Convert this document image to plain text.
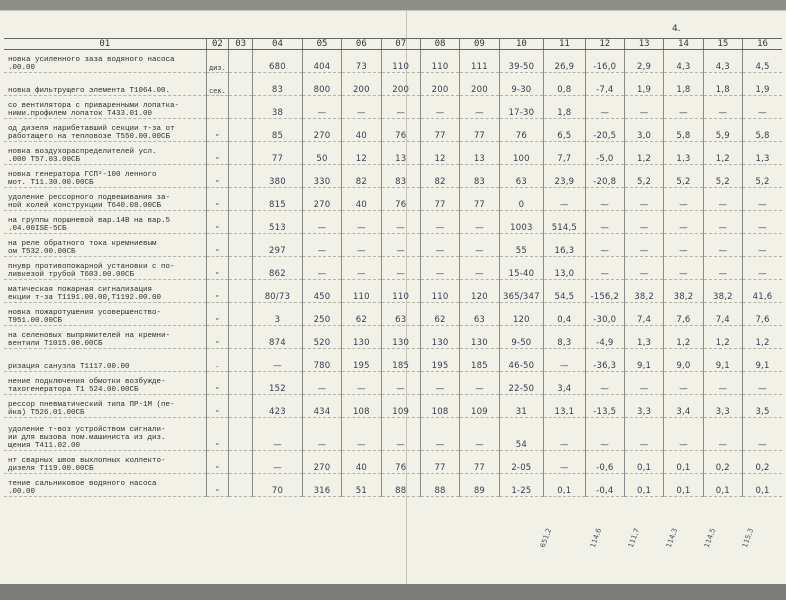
4.
01	02	03	04	05	06	07	08	09	10	11	12	13	14	15	16

новка усиленного заза водяного насоса
.00.00	диз.		680	404	73	110	110	111	39-50	26,9	-16,0	2,9	4,3	4,3	4,5

новка фильтрущего элемента Т1064.00.	сек.		83	800	200	200	200	200	9-30	0,8	-7,4	1,9	1,8	1,8	1,9

со вентилятора с приваренными лопатка-
ними.профилем лопаток Т433.01.00			38	—	—	—	—	—	17-30	1,8	—	—	—	—	—

од дизеля нарибетавший секции т-за от
работащего на тепловозе Т550.00.00СБ	"		85	270	40	76	77	77	76	6,5	-20,5	3,0	5,8	5,9	5,8

новка воздухораспределителей усл.
.000 Т57.03.00СБ	"		77	50	12	13	12	13	100	7,7	-5,0	1,2	1,3	1,2	1,3

новка генератора ГСП²-100 ленного
мот. Т11.30.00.00СБ	"		380	330	82	83	82	83	63	23,9	-20,8	5,2	5,2	5,2	5,2

удоление рессорного подвешивания за-
ной колей конструкции Т640.08.00СБ	"		815	270	40	76	77	77	0	—	—	—	—	—	—

на группы поршневой вар.14В на вар.5
.04.00ISE-5СБ	"		513	—	—	—	—	—	1003	514,5	—	—	—	—	—

на реле обратного тока кремниевым
ом Т532.00.00СБ	"		297	—	—	—	—	—	55	16,3	—	—	—	—	—

пнувр противопожарной установки с по-
ливкезой трубой Т603.00.00СБ	"		862	—	—	—	—	—	15-40	13,0	—	—	—	—	—

матическая пожарная сигнализация
екции т-за Т1191.00.00,Т1192.00.00	"		80/73	450	110	110	110	120	365/347	54,5	-156,2	38,2	38,2	38,2	41,6

новка пожаротушения усовершенство-
Т951.00.00СБ	"		3	250	62	63	62	63	120	0,4	-30,0	7,4	7,6	7,4	7,6

на селеновых выпрямителей на кремни-
вентили Т1015.00.00СБ	"		874	520	130	130	130	130	9-50	8,3	-4,9	1,3	1,2	1,2	1,2

ризация санузла Т1117.00.00	-		—	780	195	185	195	185	46-50	—	-36,3	9,1	9,0	9,1	9,1

нение подключения обмотки возбужде-
тахогенератора Т1 524.00.00СБ	"		152	—	—	—	—	—	22-50	3,4	—	—	—	—	—

рессор пневматический типа ПР-1М (пе-
йка) Т526.01.00СБ	"		423	434	108	109	108	109	31	13,1	-13,5	3,3	3,4	3,3	3,5

удоление т-воз устройством сигнали-
ии для вызова пом.машиниста из диз.
щения Т411.02.00	"		—	—	—	—	—	—	54	—	—	—	—	—	—

нт сварных швов выхлопных коллекто-
дизеля Т119.00.00СБ	"		—	270	40	76	77	77	2-05	—	-0,6	0,1	0,1	0,2	0,2

тение сальниковое водяного насоса
.00.00	"		70	316	51	88	88	89	1-25	0,1	-0,4	0,1	0,1	0,1	0,1
651,2	114,6	111,7	114,3	114,5	115,3
